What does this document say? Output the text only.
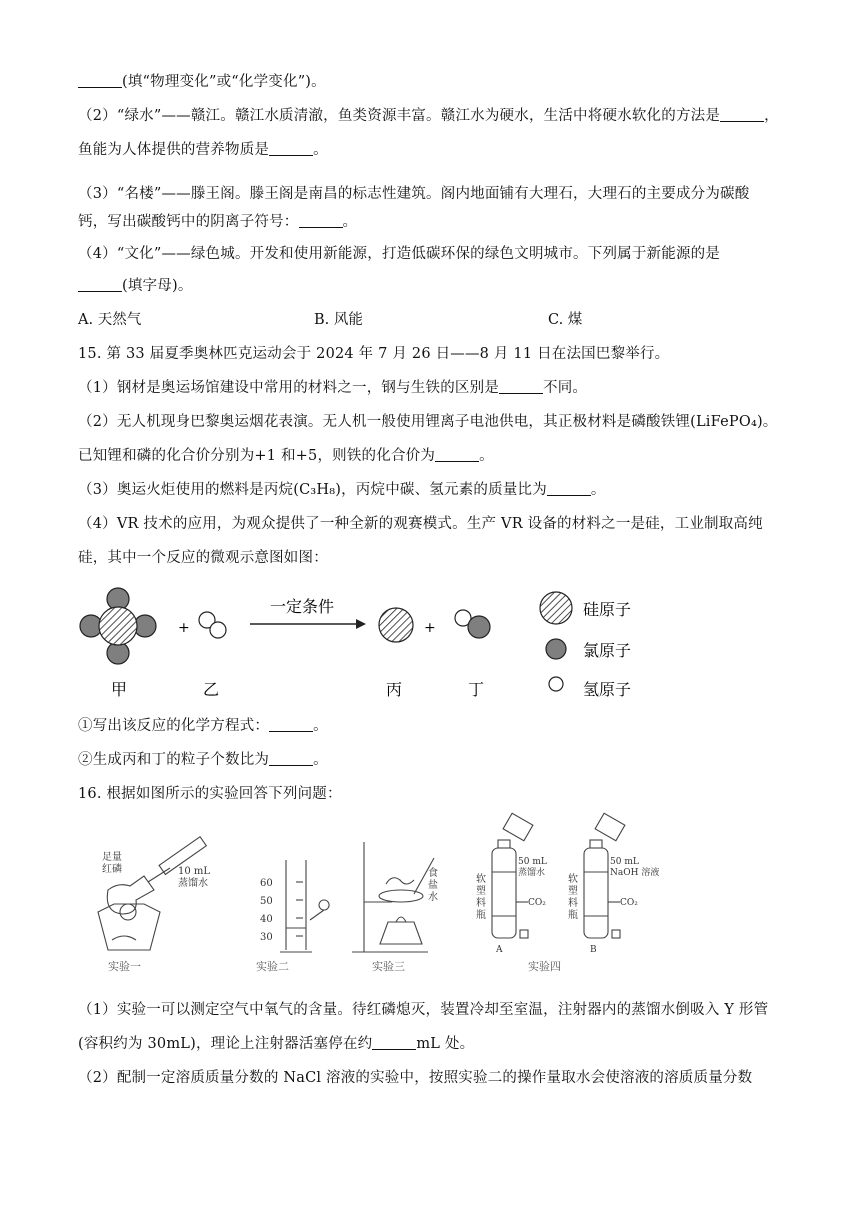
(填“物理变化”或“化学变化”)。
（2）“绿水”——赣江。赣江水质清澈，鱼类资源丰富。赣江水为硬水，生活中将硬水软化的方法是	，
鱼能为人体提供的营养物质是	。
（3）“名楼”——滕王阁。滕王阁是南昌的标志性建筑。阁内地面铺有大理石，大理石的主要成分为碳酸
钙，写出碳酸钙中的阴离子符号：	。
（4）“文化”——绿色城。开发和使用新能源，打造低碳环保的绿色文明城市。下列属于新能源的是
(填字母)。
A. 天然气	B. 风能	C. 煤
15. 第 33 届夏季奥林匹克运动会于 2024 年 7 月 26 日——8 月 11 日在法国巴黎举行。
（1）钢材是奥运场馆建设中常用的材料之一，钢与生铁的区别是	不同。
（2）无人机现身巴黎奥运烟花表演。无人机一般使用锂离子电池供电，其正极材料是磷酸铁锂(LiFePO₄)。
已知锂和磷的化合价分别为+1 和+5，则铁的化合价为	。
（3）奥运火炬使用的燃料是丙烷(C₃H₈)，丙烷中碳、氢元素的质量比为	。
（4）VR 技术的应用，为观众提供了一种全新的观赛模式。生产 VR 设备的材料之一是硅，工业制取高纯
硅，其中一个反应的微观示意图如图：
+
一定条件
+
硅原子
氯原子
氢原子
甲	乙	丙	丁
①写出该反应的化学方程式：	。
②生成丙和丁的粒子个数比为	。
16. 根据如图所示的实验回答下列问题：
足量
红磷	10 mL
蒸馏水
实验一
60
50
40
30
实验二
食
盐
水
实验三
50 mL
蒸馏水
CO₂
软
塑
料
瓶
A
50 mL
NaOH 溶液
CO₂
软
塑
料
瓶
B
实验四
（1）实验一可以测定空气中氧气的含量。待红磷熄灭，装置冷却至室温，注射器内的蒸馏水倒吸入 Y 形管
(容积约为 30mL)，理论上注射器活塞停在约	mL 处。
（2）配制一定溶质质量分数的 NaCl 溶液的实验中，按照实验二的操作量取水会使溶液的溶质质量分数
